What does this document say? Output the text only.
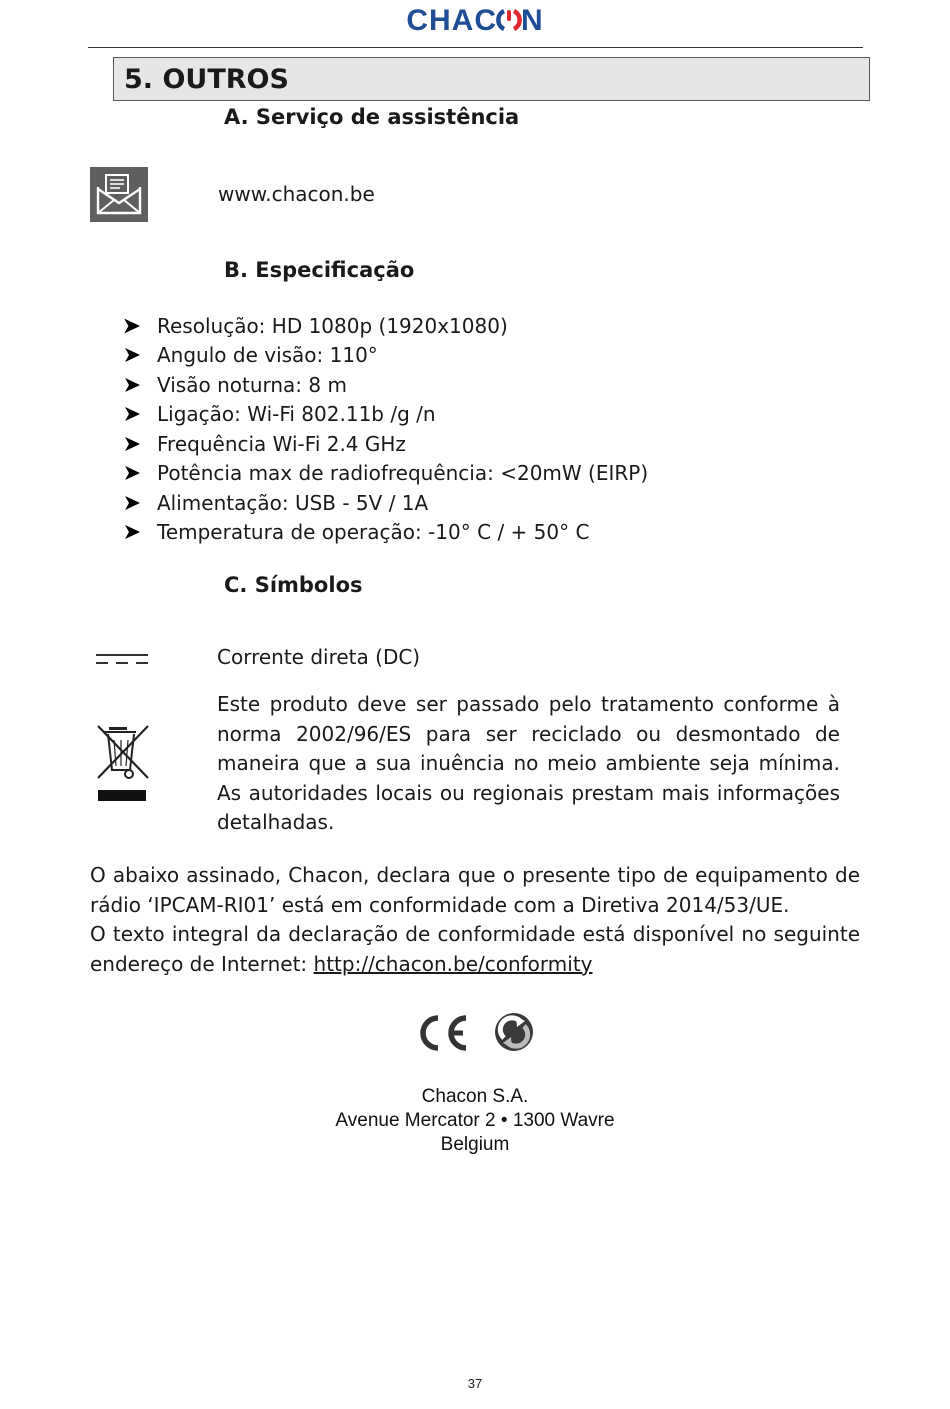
CHAC N
5. OUTROS
A. Serviço de assistência
www.chacon.be
B. Especificação
Resolução: HD 1080p (1920x1080)
Angulo de visão: 110°
Visão noturna: 8 m
Ligação: Wi-Fi 802.11b /g /n
Frequência Wi-Fi 2.4 GHz
Potência max de radiofrequência: <20mW (EIRP)
Alimentação: USB - 5V / 1A
Temperatura de operação: -10° C / + 50° C
C. Símbolos
Corrente direta (DC)
Este produto deve ser passado pelo tratamento conforme à norma 2002/96/ES para ser reciclado ou desmontado de maneira que a sua inuência no meio ambiente seja mínima. As autoridades locais ou regionais prestam mais informações detalhadas.
O abaixo assinado, Chacon, declara que o presente tipo de equipamento de rádio ‘IPCAM-RI01’ está em conformidade com a Diretiva 2014/53/UE.
O texto integral da declaração de conformidade está disponível no seguinte endereço de Internet: http://chacon.be/conformity
CE
Chacon S.A.
Avenue Mercator 2 • 1300 Wavre
Belgium
37
